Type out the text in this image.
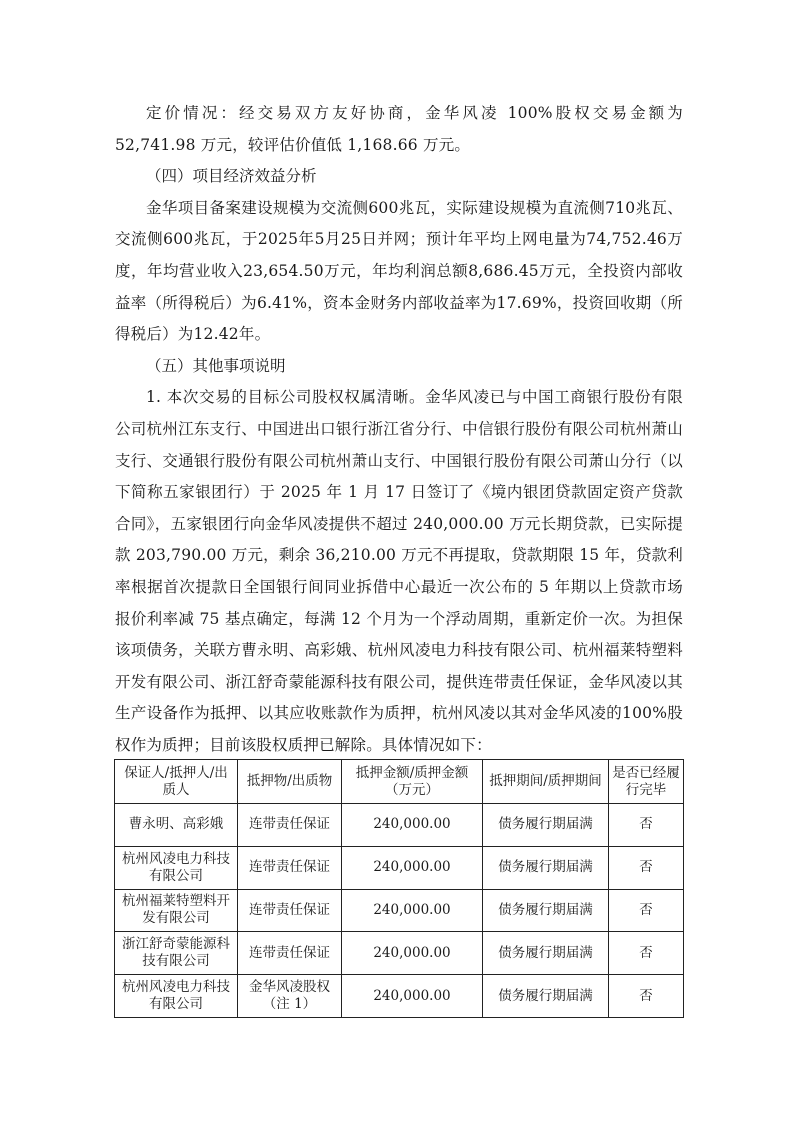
定价情况：经交易双方友好协商，金华风凌 100%股权交易金额为 52,741.98 万元，较评估价值低 1,168.66 万元。

（四）项目经济效益分析

金华项目备案建设规模为交流侧600兆瓦，实际建设规模为直流侧710兆瓦、交流侧600兆瓦，于2025年5月25日并网；预计年平均上网电量为74,752.46万度，年均营业收入23,654.50万元，年均利润总额8,686.45万元，全投资内部收益率（所得税后）为6.41%，资本金财务内部收益率为17.69%，投资回收期（所得税后）为12.42年。

（五）其他事项说明

1. 本次交易的目标公司股权权属清晰。金华风凌已与中国工商银行股份有限公司杭州江东支行、中国进出口银行浙江省分行、中信银行股份有限公司杭州萧山支行、交通银行股份有限公司杭州萧山支行、中国银行股份有限公司萧山分行（以下简称五家银团行）于 2025 年 1 月 17 日签订了《境内银团贷款固定资产贷款合同》，五家银团行向金华风凌提供不超过 240,000.00 万元长期贷款，已实际提款 203,790.00 万元，剩余 36,210.00 万元不再提取，贷款期限 15 年，贷款利率根据首次提款日全国银行间同业拆借中心最近一次公布的 5 年期以上贷款市场报价利率减 75 基点确定，每满 12 个月为一个浮动周期，重新定价一次。为担保该项债务，关联方曹永明、高彩娥、杭州风凌电力科技有限公司、杭州福莱特塑料开发有限公司、浙江舒奇蒙能源科技有限公司，提供连带责任保证，金华风凌以其生产设备作为抵押、以其应收账款作为质押，杭州风凌以其对金华风凌的100%股权作为质押；目前该股权质押已解除。具体情况如下：

保证人/抵押人/出质人	抵押物/出质物	抵押金额/质押金额（万元）	抵押期间/质押期间	是否已经履行完毕
曹永明、高彩娥	连带责任保证	240,000.00	债务履行期届满	否
杭州风凌电力科技有限公司	连带责任保证	240,000.00	债务履行期届满	否
杭州福莱特塑料开发有限公司	连带责任保证	240,000.00	债务履行期届满	否
浙江舒奇蒙能源科技有限公司	连带责任保证	240,000.00	债务履行期届满	否
杭州风凌电力科技有限公司	金华风凌股权（注 1）	240,000.00	债务履行期届满	否
